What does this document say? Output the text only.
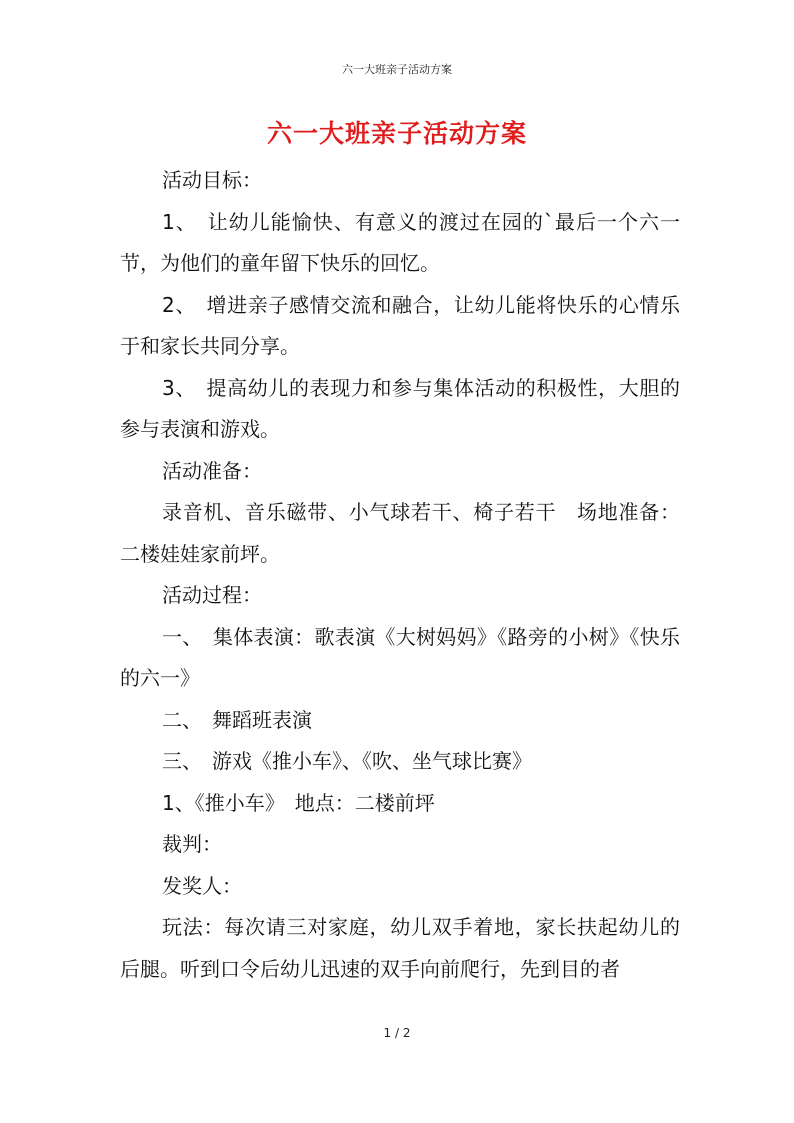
六一大班亲子活动方案
六一大班亲子活动方案

活动目标：

1、　让幼儿能愉快、有意义的渡过在园的`最后一个六一节，为他们的童年留下快乐的回忆。

2、　增进亲子感情交流和融合，让幼儿能将快乐的心情乐于和家长共同分享。

3、　提高幼儿的表现力和参与集体活动的积极性，大胆的参与表演和游戏。

活动准备：

录音机、音乐磁带、小气球若干、椅子若干　场地准备：二楼娃娃家前坪。

活动过程：

一、　集体表演：歌表演《大树妈妈》《路旁的小树》《快乐的六一》

二、　舞蹈班表演

三、　游戏《推小车》、《吹、坐气球比赛》

1、《推小车》　地点：二楼前坪

裁判：

发奖人：

玩法：每次请三对家庭，幼儿双手着地，家长扶起幼儿的后腿。听到口令后幼儿迅速的双手向前爬行，先到目的者

1 / 2
